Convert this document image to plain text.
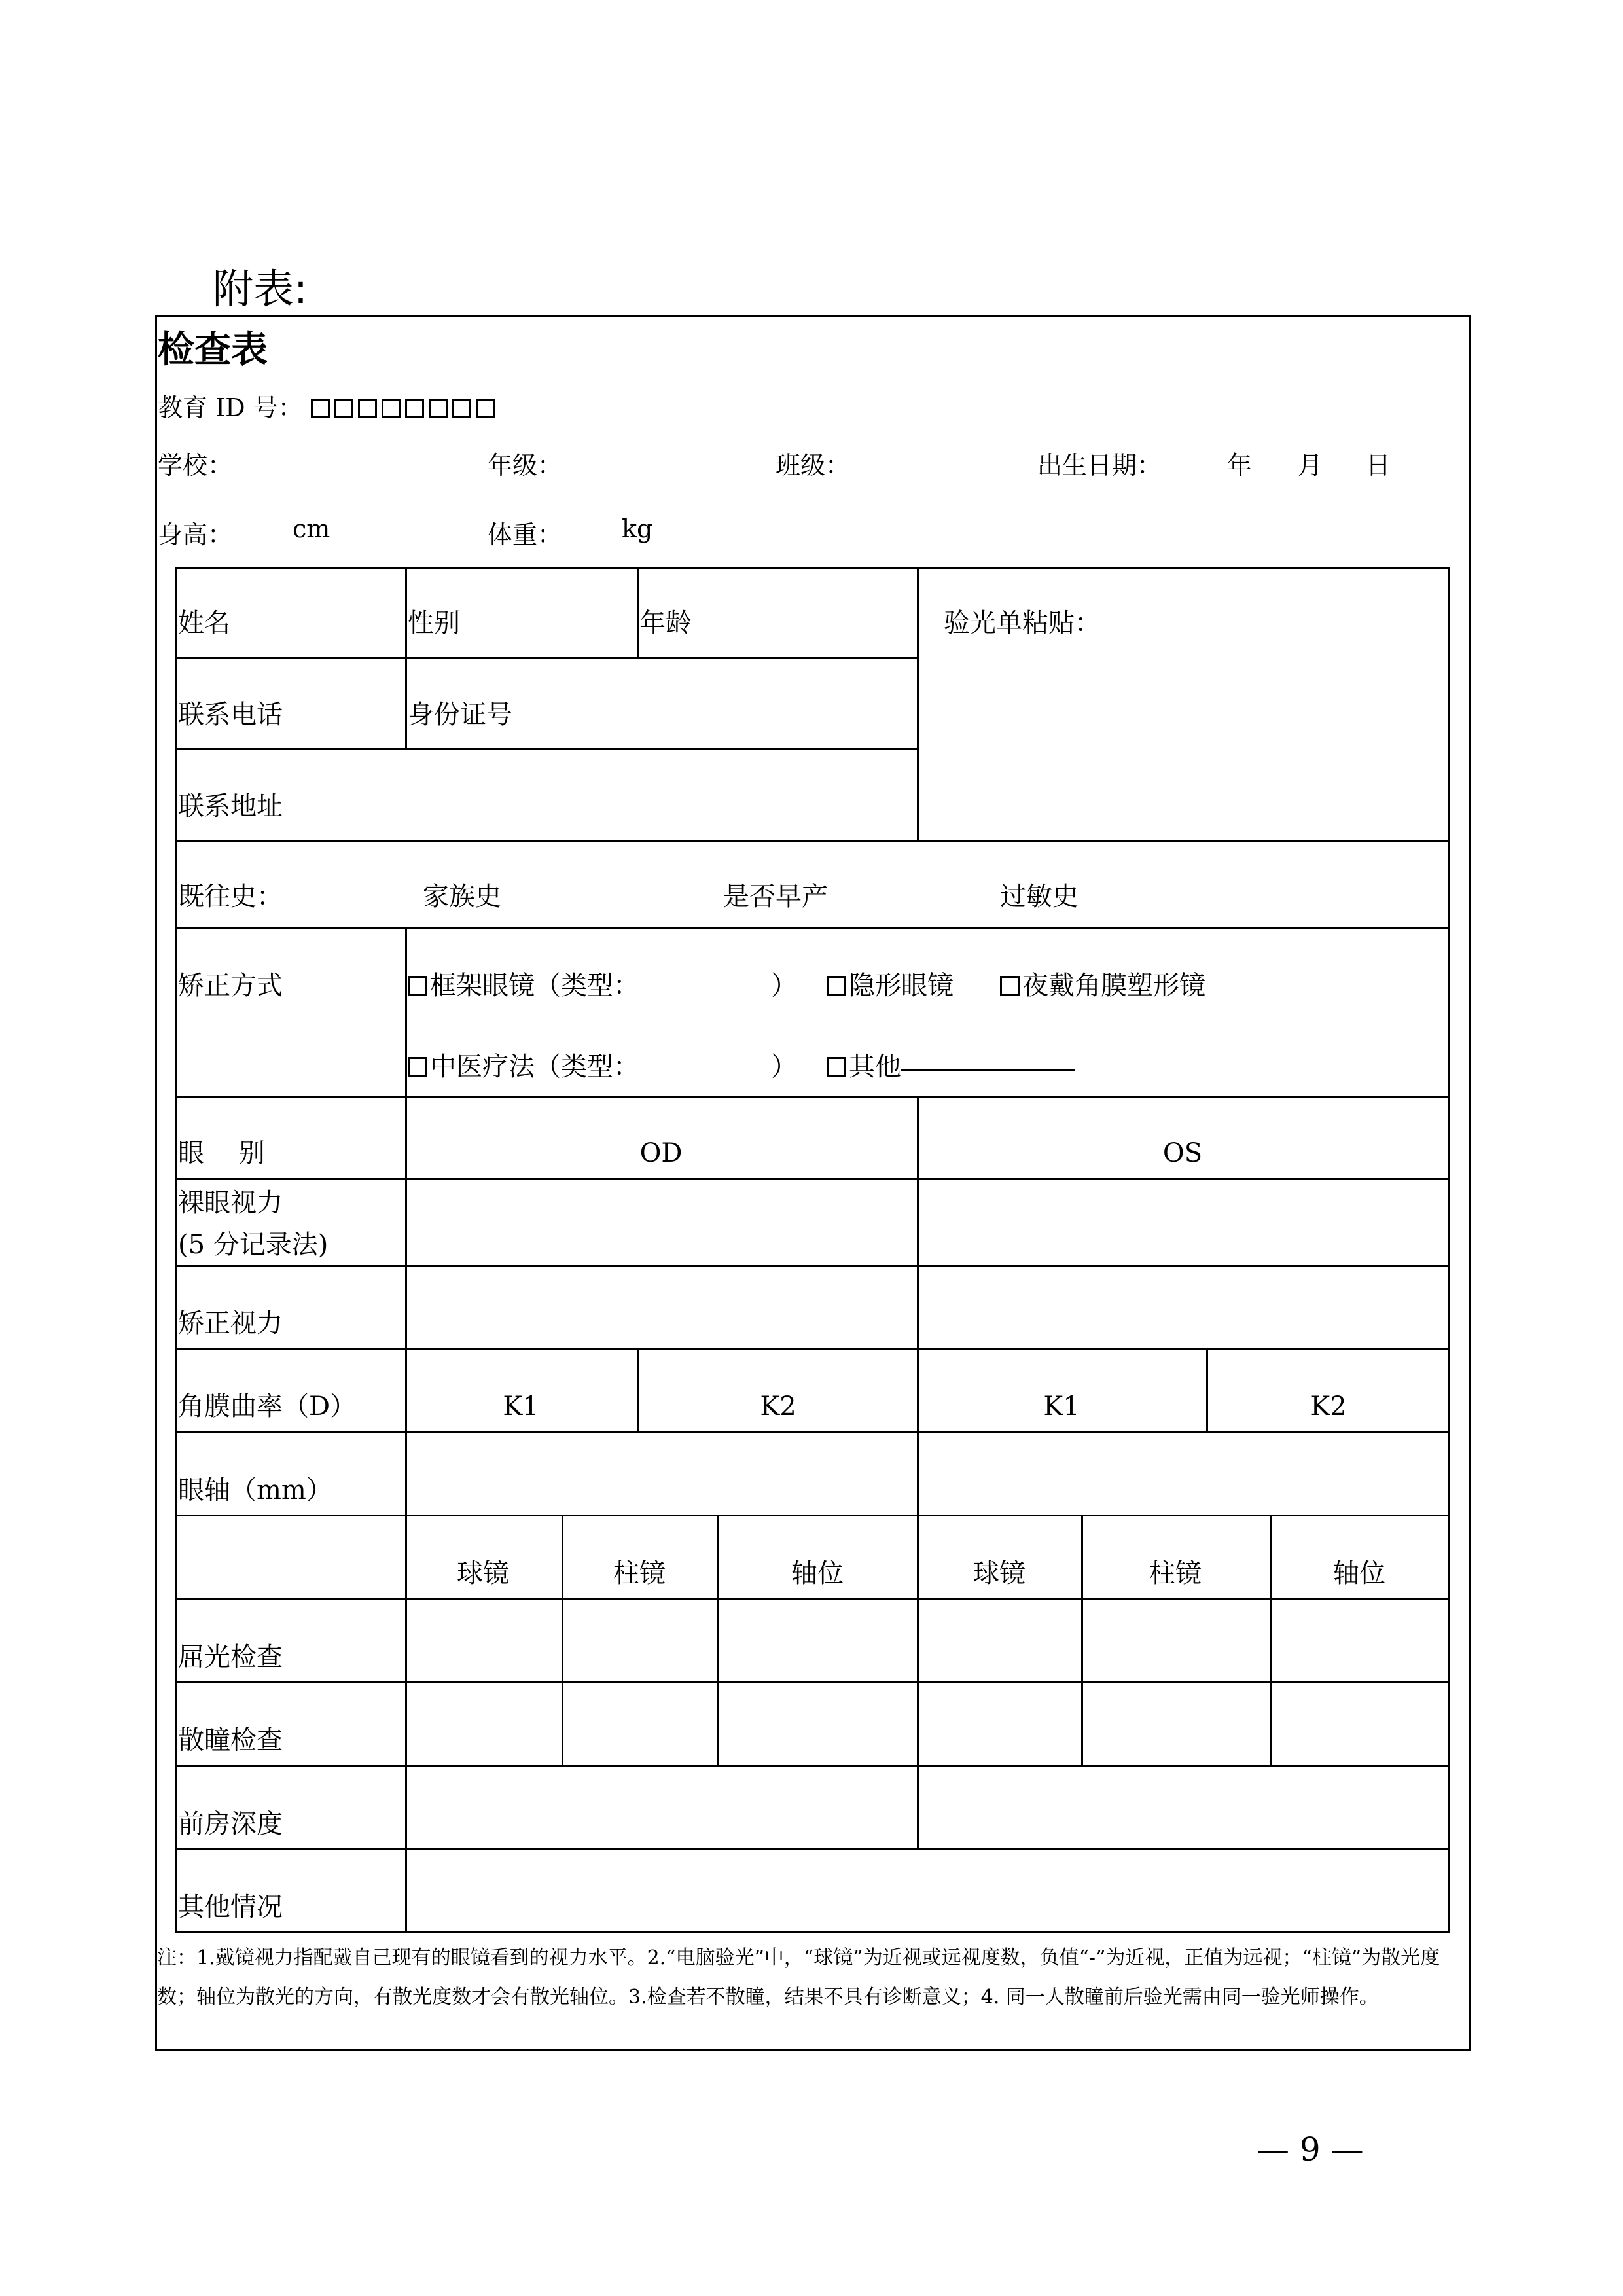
附表:
检查表
教育 ID 号：
学校：	年级：	班级：	出生日期：	年 月 日
身高： cm	体重： kg
姓名	性别	年龄	验光单粘贴：
联系电话	身份证号
联系地址
既往史：	家族史	是否早产	过敏史
矫正方式	框架眼镜（类型：	）	隐形眼镜	夜戴角膜塑形镜
中医疗法（类型：	）	其他
眼　 别	OD	OS
裸眼视力
(5 分记录法)
矫正视力
角膜曲率（D）	K1	K2	K1	K2
眼轴（mm）
球镜	柱镜	轴位	球镜	柱镜	轴位
屈光检查
散瞳检查
前房深度
其他情况
注：1.戴镜视力指配戴自己现有的眼镜看到的视力水平。2.“电脑验光”中，“球镜”为近视或远视度数，负值“-”为近视，正值为远视；“柱镜”为散光度数；轴位为散光的方向，有散光度数才会有散光轴位。3.检查若不散瞳，结果不具有诊断意义；4. 同一人散瞳前后验光需由同一验光师操作。
— 9 —
